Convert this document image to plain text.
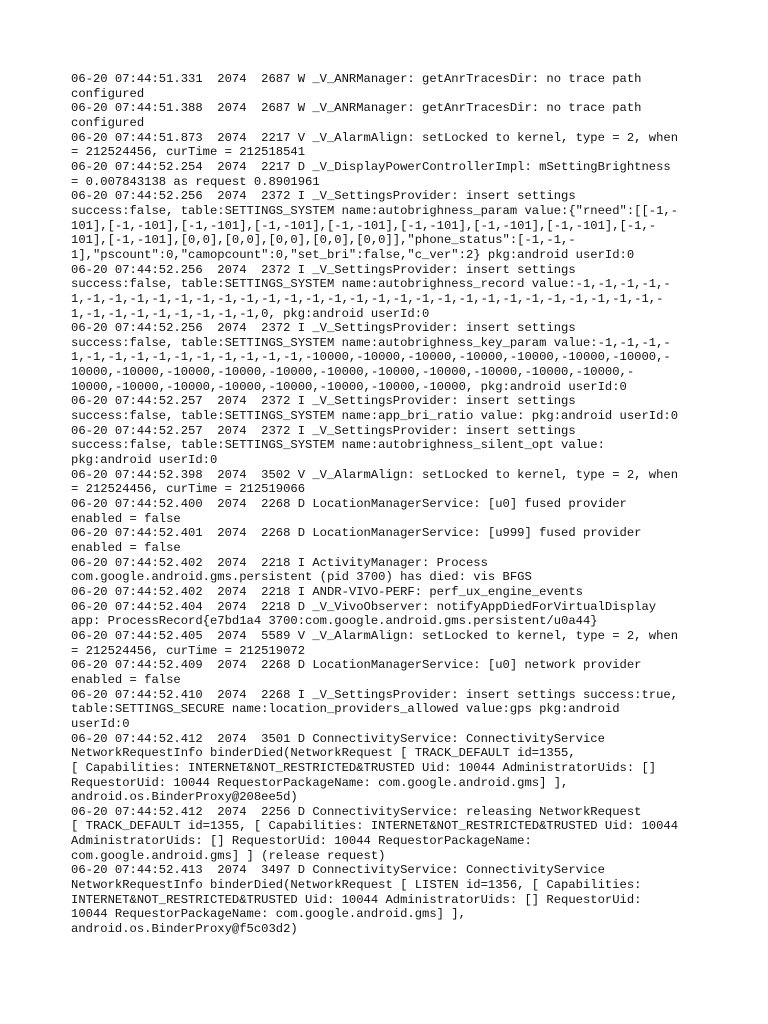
06-20 07:44:51.331  2074  2687 W _V_ANRManager: getAnrTracesDir: no trace path
configured
06-20 07:44:51.388  2074  2687 W _V_ANRManager: getAnrTracesDir: no trace path
configured
06-20 07:44:51.873  2074  2217 V _V_AlarmAlign: setLocked to kernel, type = 2, when
= 212524456, curTime = 212518541
06-20 07:44:52.254  2074  2217 D _V_DisplayPowerControllerImpl: mSettingBrightness
= 0.007843138 as request 0.8901961
06-20 07:44:52.256  2074  2372 I _V_SettingsProvider: insert settings
success:false, table:SETTINGS_SYSTEM name:autobrighness_param value:{"rneed":[[-1,-
101],[-1,-101],[-1,-101],[-1,-101],[-1,-101],[-1,-101],[-1,-101],[-1,-101],[-1,-
101],[-1,-101],[0,0],[0,0],[0,0],[0,0],[0,0]],"phone_status":[-1,-1,-
1],"pscount":0,"camopcount":0,"set_bri":false,"c_ver":2} pkg:android userId:0
06-20 07:44:52.256  2074  2372 I _V_SettingsProvider: insert settings
success:false, table:SETTINGS_SYSTEM name:autobrighness_record value:-1,-1,-1,-1,-
1,-1,-1,-1,-1,-1,-1,-1,-1,-1,-1,-1,-1,-1,-1,-1,-1,-1,-1,-1,-1,-1,-1,-1,-1,-1,-1,-
1,-1,-1,-1,-1,-1,-1,-1,-1,0, pkg:android userId:0
06-20 07:44:52.256  2074  2372 I _V_SettingsProvider: insert settings
success:false, table:SETTINGS_SYSTEM name:autobrighness_key_param value:-1,-1,-1,-
1,-1,-1,-1,-1,-1,-1,-1,-1,-1,-1,-10000,-10000,-10000,-10000,-10000,-10000,-10000,-
10000,-10000,-10000,-10000,-10000,-10000,-10000,-10000,-10000,-10000,-10000,-
10000,-10000,-10000,-10000,-10000,-10000,-10000,-10000, pkg:android userId:0
06-20 07:44:52.257  2074  2372 I _V_SettingsProvider: insert settings
success:false, table:SETTINGS_SYSTEM name:app_bri_ratio value: pkg:android userId:0
06-20 07:44:52.257  2074  2372 I _V_SettingsProvider: insert settings
success:false, table:SETTINGS_SYSTEM name:autobrighness_silent_opt value:
pkg:android userId:0
06-20 07:44:52.398  2074  3502 V _V_AlarmAlign: setLocked to kernel, type = 2, when
= 212524456, curTime = 212519066
06-20 07:44:52.400  2074  2268 D LocationManagerService: [u0] fused provider
enabled = false
06-20 07:44:52.401  2074  2268 D LocationManagerService: [u999] fused provider
enabled = false
06-20 07:44:52.402  2074  2218 I ActivityManager: Process
com.google.android.gms.persistent (pid 3700) has died: vis BFGS
06-20 07:44:52.402  2074  2218 I ANDR-VIVO-PERF: perf_ux_engine_events
06-20 07:44:52.404  2074  2218 D _V_VivoObserver: notifyAppDiedForVirtualDisplay
app: ProcessRecord{e7bd1a4 3700:com.google.android.gms.persistent/u0a44}
06-20 07:44:52.405  2074  5589 V _V_AlarmAlign: setLocked to kernel, type = 2, when
= 212524456, curTime = 212519072
06-20 07:44:52.409  2074  2268 D LocationManagerService: [u0] network provider
enabled = false
06-20 07:44:52.410  2074  2268 I _V_SettingsProvider: insert settings success:true,
table:SETTINGS_SECURE name:location_providers_allowed value:gps pkg:android
userId:0
06-20 07:44:52.412  2074  3501 D ConnectivityService: ConnectivityService
NetworkRequestInfo binderDied(NetworkRequest [ TRACK_DEFAULT id=1355,
[ Capabilities: INTERNET&NOT_RESTRICTED&TRUSTED Uid: 10044 AdministratorUids: []
RequestorUid: 10044 RequestorPackageName: com.google.android.gms] ],
android.os.BinderProxy@208ee5d)
06-20 07:44:52.412  2074  2256 D ConnectivityService: releasing NetworkRequest
[ TRACK_DEFAULT id=1355, [ Capabilities: INTERNET&NOT_RESTRICTED&TRUSTED Uid: 10044
AdministratorUids: [] RequestorUid: 10044 RequestorPackageName:
com.google.android.gms] ] (release request)
06-20 07:44:52.413  2074  3497 D ConnectivityService: ConnectivityService
NetworkRequestInfo binderDied(NetworkRequest [ LISTEN id=1356, [ Capabilities:
INTERNET&NOT_RESTRICTED&TRUSTED Uid: 10044 AdministratorUids: [] RequestorUid:
10044 RequestorPackageName: com.google.android.gms] ],
android.os.BinderProxy@f5c03d2)
